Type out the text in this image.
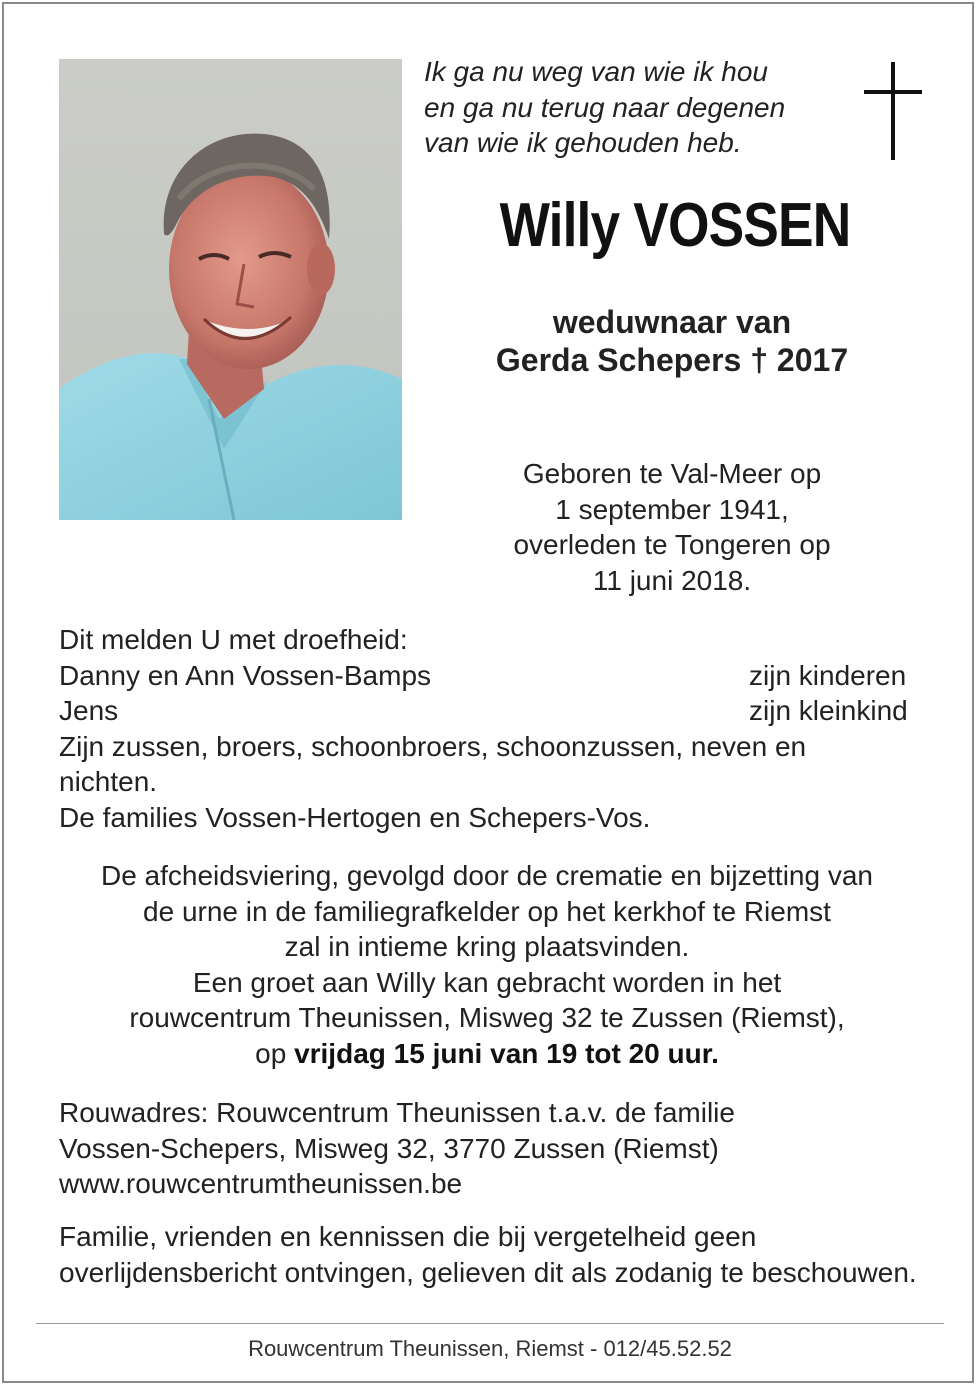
Ik ga nu weg van wie ik hou
en ga nu terug naar degenen
van wie ik gehouden heb.
Willy VOSSEN
weduwnaar van
Gerda Schepers † 2017
Geboren te Val-Meer op
1 september 1941,
overleden te Tongeren op
11 juni 2018.
Dit melden U met droefheid:
Danny en Ann Vossen-Bamps	zijn kinderen
Jens	zijn kleinkind
Zijn zussen, broers, schoonbroers, schoonzussen, neven en nichten.
De families Vossen-Hertogen en Schepers-Vos.
De afcheidsviering, gevolgd door de crematie en bijzetting van
de urne in de familiegrafkelder op het kerkhof te Riemst
zal in intieme kring plaatsvinden.
Een groet aan Willy kan gebracht worden in het
rouwcentrum Theunissen, Misweg 32 te Zussen (Riemst),
op vrijdag 15 juni van 19 tot 20 uur.
Rouwadres: Rouwcentrum Theunissen t.a.v. de familie
Vossen-Schepers, Misweg 32, 3770 Zussen (Riemst)
www.rouwcentrumtheunissen.be
Familie, vrienden en kennissen die bij vergetelheid geen overlijdensbericht ontvingen, gelieven dit als zodanig te beschouwen.
Rouwcentrum Theunissen, Riemst - 012/45.52.52
